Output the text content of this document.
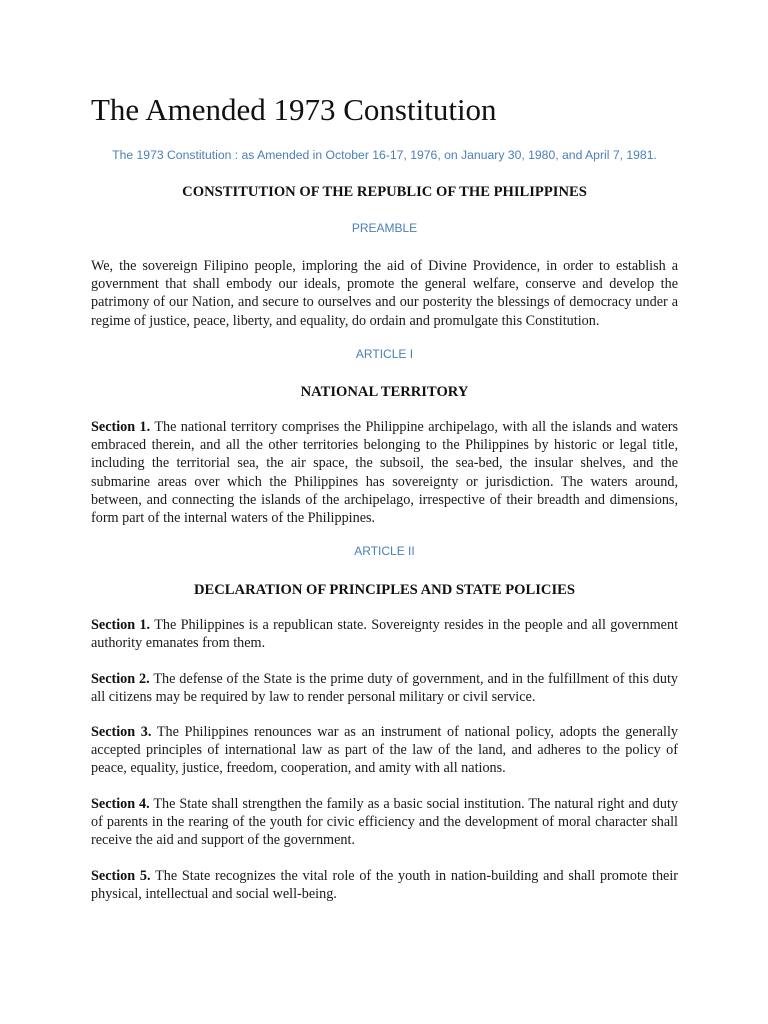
The Amended 1973 Constitution
The 1973 Constitution : as Amended in October 16-17, 1976, on January 30, 1980, and April 7, 1981.
CONSTITUTION OF THE REPUBLIC OF THE PHILIPPINES
PREAMBLE

We, the sovereign Filipino people, imploring the aid of Divine Providence, in order to establish a government that shall embody our ideals, promote the general welfare, conserve and develop the patrimony of our Nation, and secure to ourselves and our posterity the blessings of democracy under a regime of justice, peace, liberty, and equality, do ordain and promulgate this Constitution.

ARTICLE I
NATIONAL TERRITORY

Section 1. The national territory comprises the Philippine archipelago, with all the islands and waters embraced therein, and all the other territories belonging to the Philippines by historic or legal title, including the territorial sea, the air space, the subsoil, the sea-bed, the insular shelves, and the submarine areas over which the Philippines has sovereignty or jurisdiction. The waters around, between, and connecting the islands of the archipelago, irrespective of their breadth and dimensions, form part of the internal waters of the Philippines.

ARTICLE II
DECLARATION OF PRINCIPLES AND STATE POLICIES

Section 1. The Philippines is a republican state. Sovereignty resides in the people and all government authority emanates from them.

Section 2. The defense of the State is the prime duty of government, and in the fulfillment of this duty all citizens may be required by law to render personal military or civil service.

Section 3. The Philippines renounces war as an instrument of national policy, adopts the generally accepted principles of international law as part of the law of the land, and adheres to the policy of peace, equality, justice, freedom, cooperation, and amity with all nations.

Section 4. The State shall strengthen the family as a basic social institution. The natural right and duty of parents in the rearing of the youth for civic efficiency and the development of moral character shall receive the aid and support of the government.

Section 5. The State recognizes the vital role of the youth in nation-building and shall promote their physical, intellectual and social well-being.
